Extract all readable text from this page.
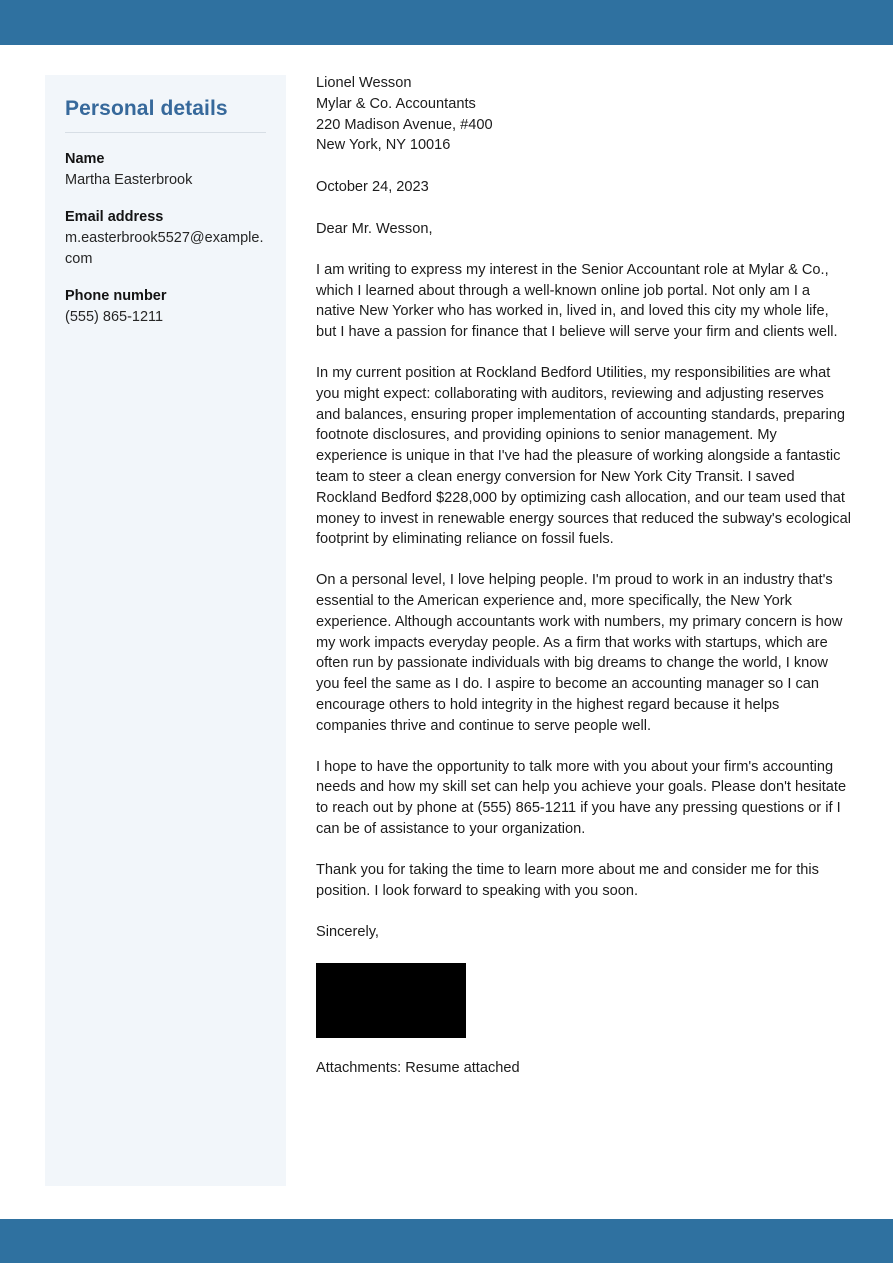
Personal details
Name
Martha Easterbrook
Email address
m.easterbrook5527@example.com
Phone number
(555) 865-1211
Lionel Wesson
Mylar & Co. Accountants
220 Madison Avenue, #400
New York, NY 10016
October 24, 2023
Dear Mr. Wesson,

I am writing to express my interest in the Senior Accountant role at Mylar & Co., which I learned about through a well-known online job portal. Not only am I a native New Yorker who has worked in, lived in, and loved this city my whole life, but I have a passion for finance that I believe will serve your firm and clients well.

In my current position at Rockland Bedford Utilities, my responsibilities are what you might expect: collaborating with auditors, reviewing and adjusting reserves and balances, ensuring proper implementation of accounting standards, preparing footnote disclosures, and providing opinions to senior management. My experience is unique in that I've had the pleasure of working alongside a fantastic team to steer a clean energy conversion for New York City Transit. I saved Rockland Bedford $228,000 by optimizing cash allocation, and our team used that money to invest in renewable energy sources that reduced the subway's ecological footprint by eliminating reliance on fossil fuels.

On a personal level, I love helping people. I'm proud to work in an industry that's essential to the American experience and, more specifically, the New York experience. Although accountants work with numbers, my primary concern is how my work impacts everyday people. As a firm that works with startups, which are often run by passionate individuals with big dreams to change the world, I know you feel the same as I do. I aspire to become an accounting manager so I can encourage others to hold integrity in the highest regard because it helps companies thrive and continue to serve people well.

I hope to have the opportunity to talk more with you about your firm's accounting needs and how my skill set can help you achieve your goals. Please don't hesitate to reach out by phone at (555) 865-1211 if you have any pressing questions or if I can be of assistance to your organization.

Thank you for taking the time to learn more about me and consider me for this position. I look forward to speaking with you soon.

Sincerely,
Attachments: Resume attached
